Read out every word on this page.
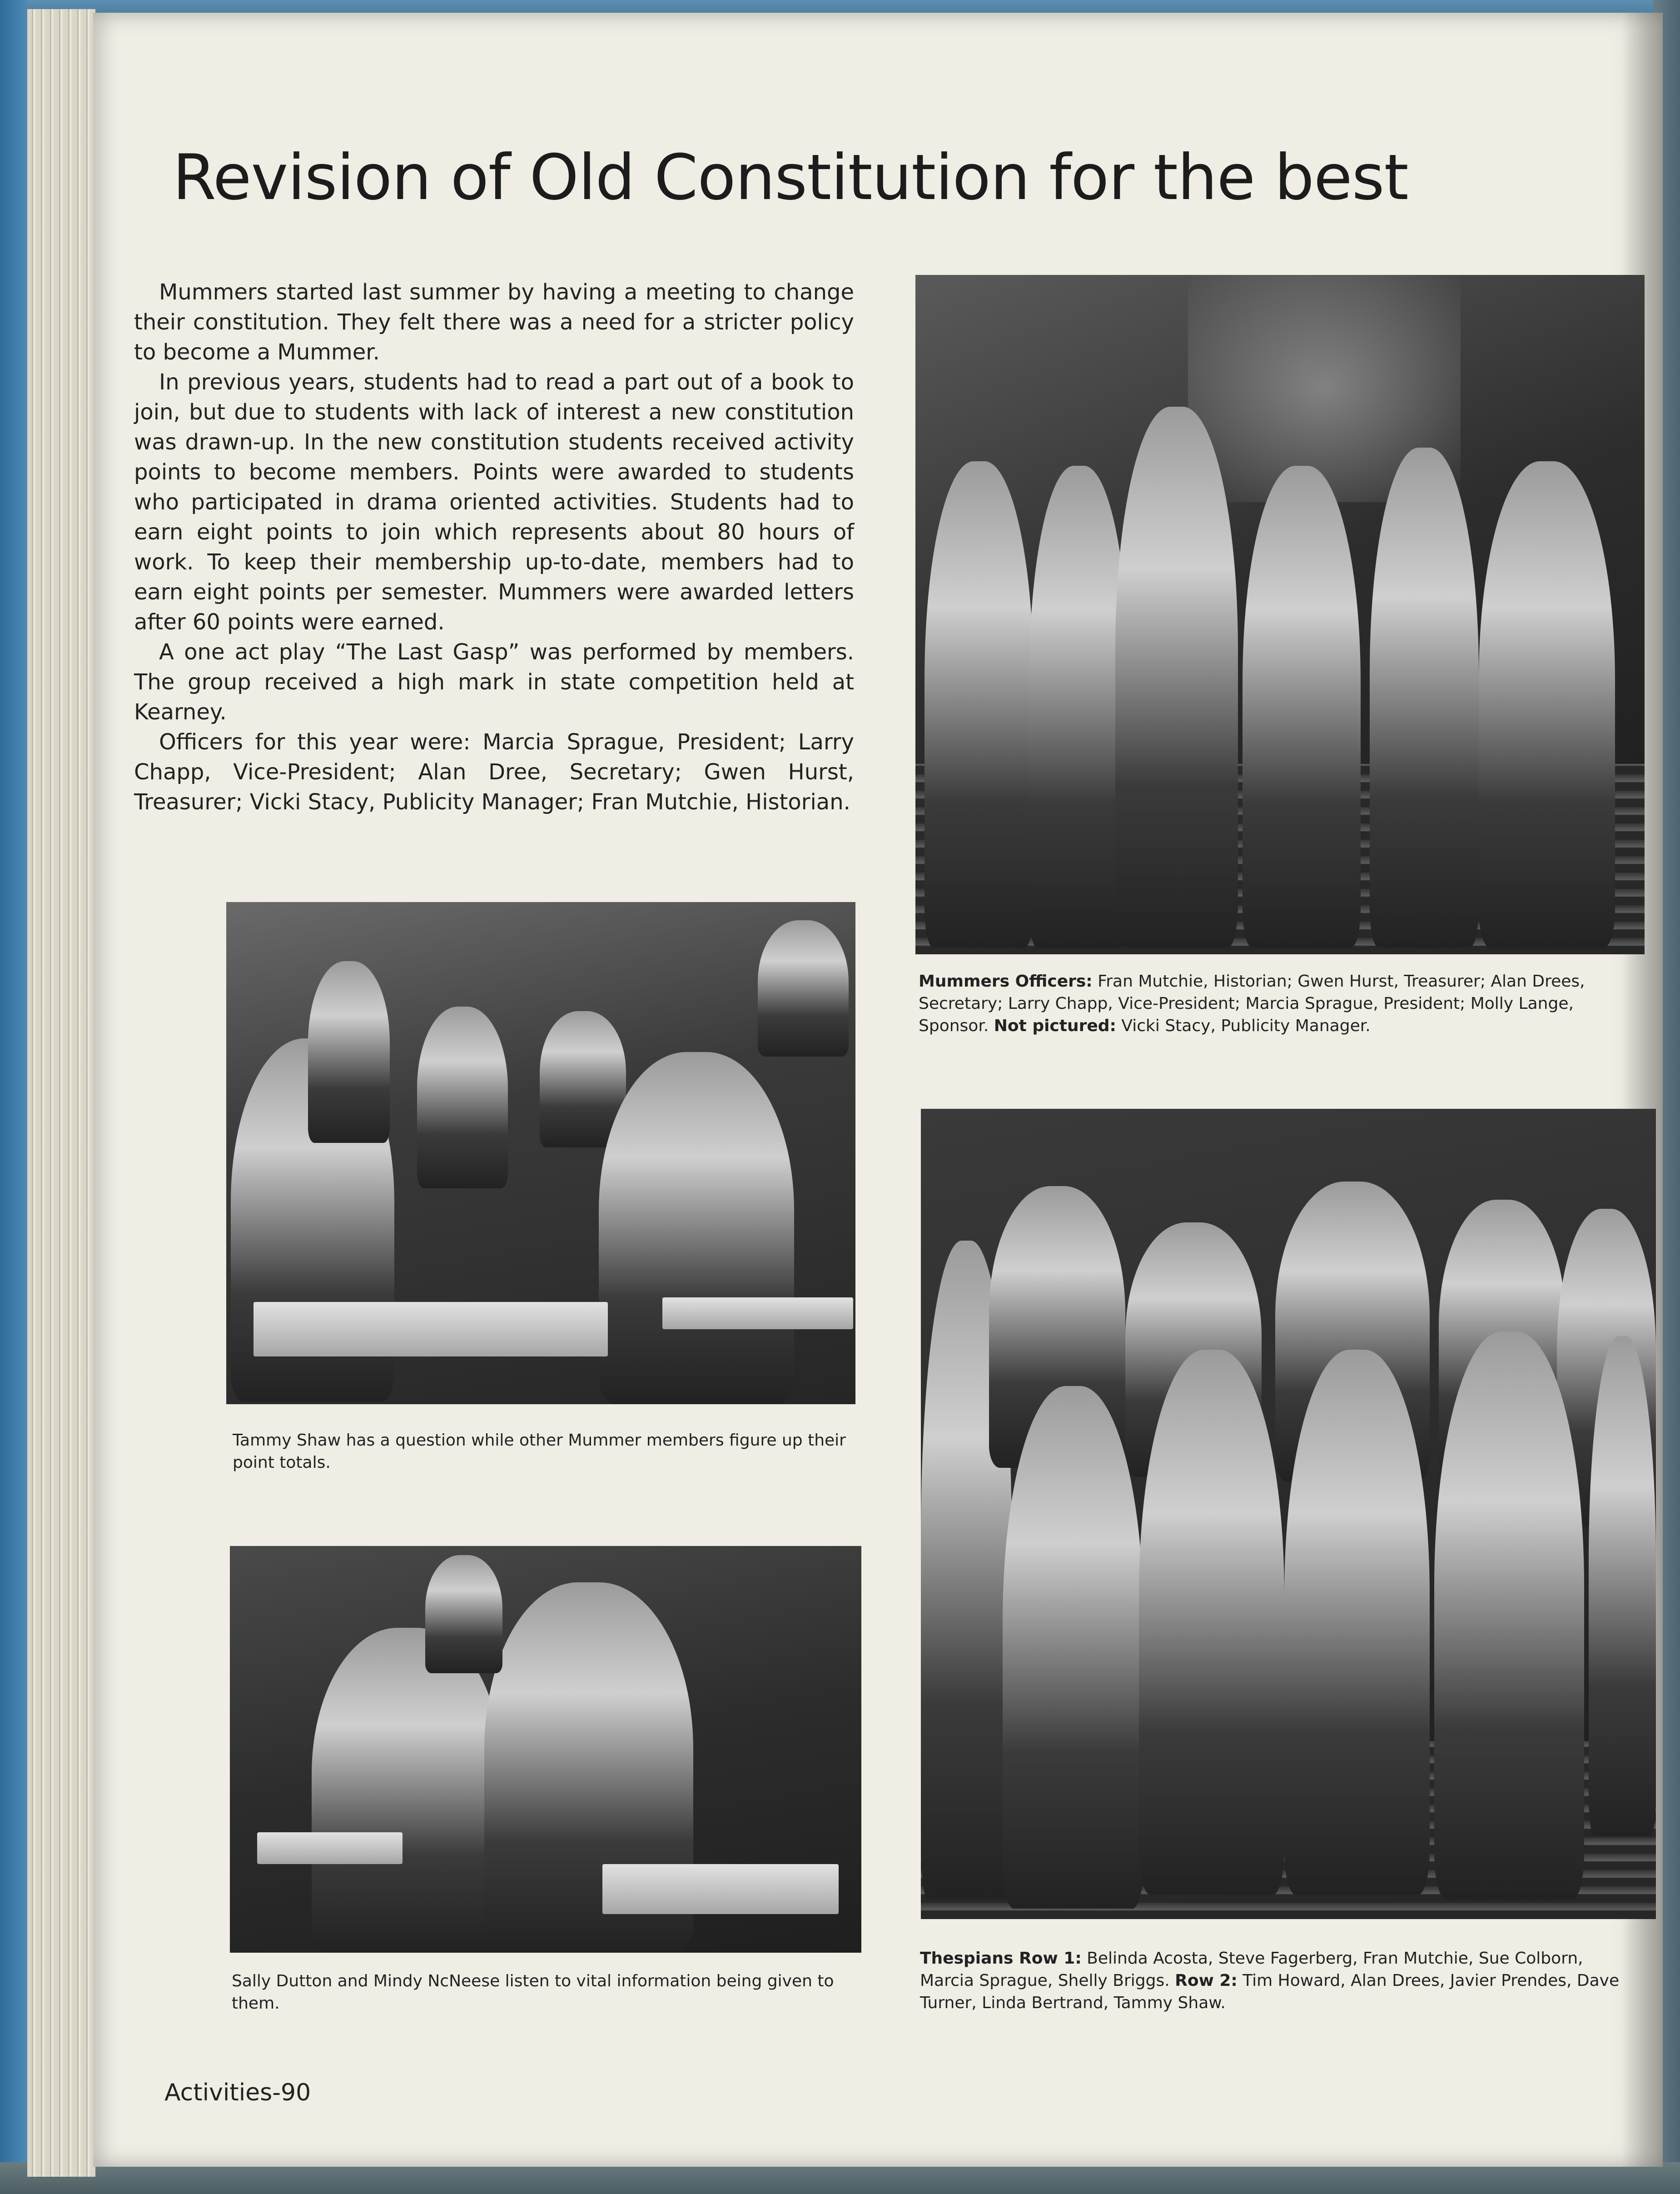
Revision of Old Constitution for the best

Mummers started last summer by having a meeting to change their constitution. They felt there was a need for a stricter policy to become a Mummer.

In previous years, students had to read a part out of a book to join, but due to students with lack of interest a new constitution was drawn-up. In the new constitution students received activity points to become members. Points were awarded to students who participated in drama oriented activities. Students had to earn eight points to join which represents about 80 hours of work. To keep their membership up-to-date, members had to earn eight points per semester. Mummers were awarded letters after 60 points were earned.

A one act play “The Last Gasp” was performed by members. The group received a high mark in state competition held at Kearney.

Officers for this year were: Marcia Sprague, President; Larry Chapp, Vice-President; Alan Dree, Secretary; Gwen Hurst, Treasurer; Vicki Stacy, Publicity Manager; Fran Mutchie, Historian.

Mummers Officers: Fran Mutchie, Historian; Gwen Hurst, Treasurer; Alan Drees, Secretary; Larry Chapp, Vice-President; Marcia Sprague, President; Molly Lange, Sponsor. Not pictured: Vicki Stacy, Publicity Manager.
Tammy Shaw has a question while other Mummer members figure up their point totals.
Sally Dutton and Mindy NcNeese listen to vital information being given to them.
Thespians Row 1: Belinda Acosta, Steve Fagerberg, Fran Mutchie, Sue Colborn, Marcia Sprague, Shelly Briggs. Row 2: Tim Howard, Alan Drees, Javier Prendes, Dave Turner, Linda Bertrand, Tammy Shaw.
Activities-90
